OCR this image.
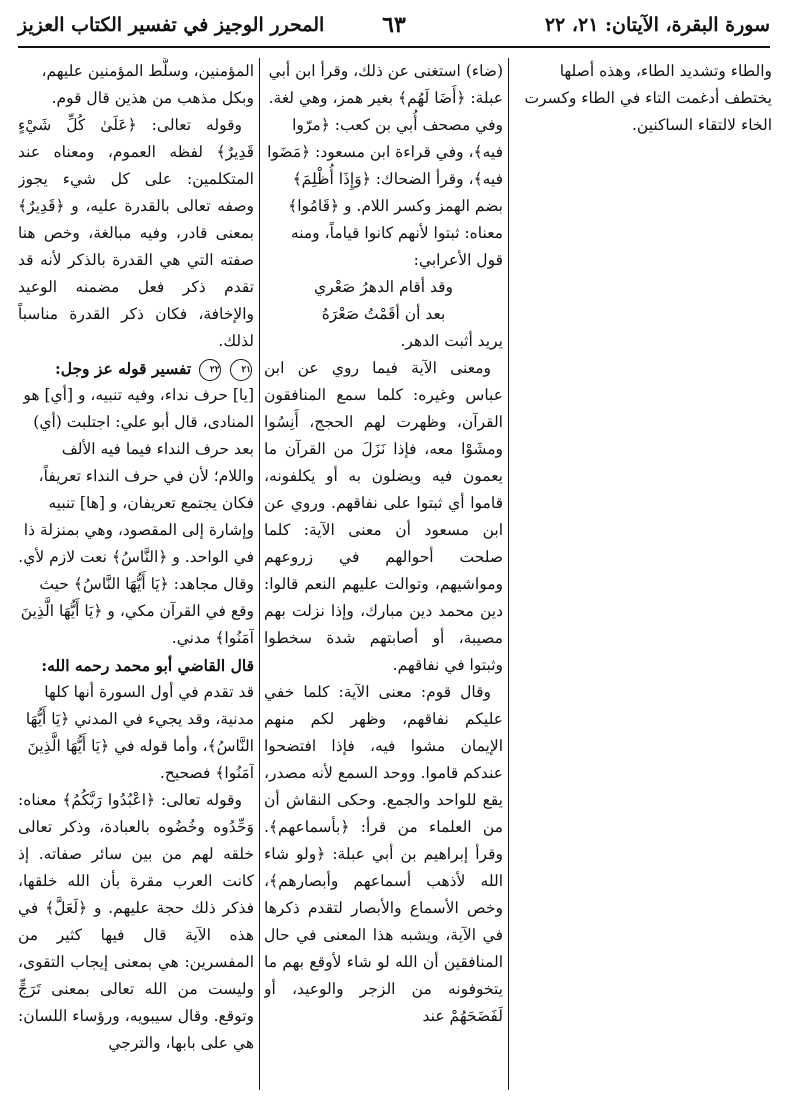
سورة البقرة، الآيتان: ٢١، ٢٢
٦٣
المحرر الوجيز في تفسير الكتاب العزيز

والطاء وتشديد الطاء، وهذه أصلها يختطف أدغمت التاء في الطاء وكسرت الخاء لالتقاء الساكنين.

(ضاء) استغنى عن ذلك، وقرأ ابن أبي عبلة: ﴿أَضَا لَهُم﴾ بغير همز، وهي لغة. وفي مصحف أُبي بن كعب: ﴿مرّوا فيه﴾، وفي قراءة ابن مسعود: ﴿مَضَوا فيه﴾، وقرأ الضحاك: ﴿وَإِذَا أُظْلِمَ﴾ بضم الهمز وكسر اللام. و ﴿قَامُوا﴾ معناه: ثبتوا لأنهم كانوا قياماً، ومنه قول الأعرابي:

وقد أقام الدهرُ صَعْري

بعد أن أقَمْتُ صَعْرَهُ

يريد أثبت الدهر.

ومعنى الآية فيما روي عن ابن عباس وغيره: كلما سمع المنافقون القرآن، وظهرت لهم الحجج، أَنِسُوا ومشَوْا معه، فإذا نَزَلَ من القرآن ما يعمون فيه ويضلون به أو يكلفونه، قاموا أي ثبتوا على نفاقهم. وروي عن ابن مسعود أن معنى الآية: كلما صلحت أحوالهم في زروعهم ومواشيهم، وتوالت عليهم النعم قالوا: دين محمد دين مبارك، وإذا نزلت بهم مصيبة، أو أصابتهم شدة سخطوا وثبتوا في نفاقهم.

وقال قوم: معنى الآية: كلما خفي عليكم نفاقهم، وظهر لكم منهم الإيمان مشوا فيه، فإذا افتضحوا عندكم قاموا. ووحد السمع لأنه مصدر، يقع للواحد والجمع. وحكى النقاش أن من العلماء من قرأ: ﴿بأسماعهم﴾. وقرأ إبراهيم بن أبي عبلة: ﴿ولو شاء الله لأذهب أسماعهم وأبصارهم﴾، وخص الأسماع والأبصار لتقدم ذكرها في الآية، ويشبه هذا المعنى في حال المنافقين أن الله لو شاء لأوقع بهم ما يتخوفونه من الزجر والوعيد، أو لَفَضَحَهُمْ عند

المؤمنين، وسلَّط المؤمنين عليهم، وبكل مذهب من هذين قال قوم.

وقوله تعالى: ﴿عَلَىٰ كُلِّ شَيْءٍ قَدِيرٌ﴾ لفظه العموم، ومعناه عند المتكلمين: على كل شيء يجوز وصفه تعالى بالقدرة عليه، و ﴿قَدِيرٌ﴾ بمعنى قادر، وفيه مبالغة، وخص هنا صفته التي هي القدرة بالذكر لأنه قد تقدم ذكر فعل مضمنه الوعيد والإخافة، فكان ذكر القدرة مناسباً لذلك.

٢١ ٢٢ تفسير قوله عز وجل:

[يا] حرف نداء، وفيه تنبيه، و [أي] هو المنادى، قال أبو علي: اجتلبت (أي) بعد حرف النداء فيما فيه الألف واللام؛ لأن في حرف النداء تعريفاً، فكان يجتمع تعريفان، و [ها] تنبيه وإشارة إلى المقصود، وهي بمنزلة ذا في الواحد. و ﴿النَّاسُ﴾ نعت لازم لأي. وقال مجاهد: ﴿يَا أَيُّهَا النَّاسُ﴾ حيث وقع في القرآن مكي، و ﴿يَا أَيُّهَا الَّذِينَ آمَنُوا﴾ مدني.

قال القاضي أبو محمد رحمه الله:

قد تقدم في أول السورة أنها كلها مدنية، وقد يجيء في المدني ﴿يَا أَيُّهَا النَّاسُ﴾، وأما قوله في ﴿يَا أَيُّهَا الَّذِينَ آمَنُوا﴾ فصحيح.

وقوله تعالى: ﴿اعْبُدُوا رَبَّكُمُ﴾ معناه: وَحِّدُوه وخُضُوه بالعبادة، وذكر تعالى خلقه لهم من بين سائر صفاته. إذ كانت العرب مقرة بأن الله خلقها، فذكر ذلك حجة عليهم. و ﴿لَعَلَّ﴾ في هذه الآية قال فيها كثير من المفسرين: هي بمعنى إيجاب التقوى، وليست من الله تعالى بمعنى تَرَجٍّ وتوقع. وقال سيبويه، ورؤساء اللسان: هي على بابها، والترجي
